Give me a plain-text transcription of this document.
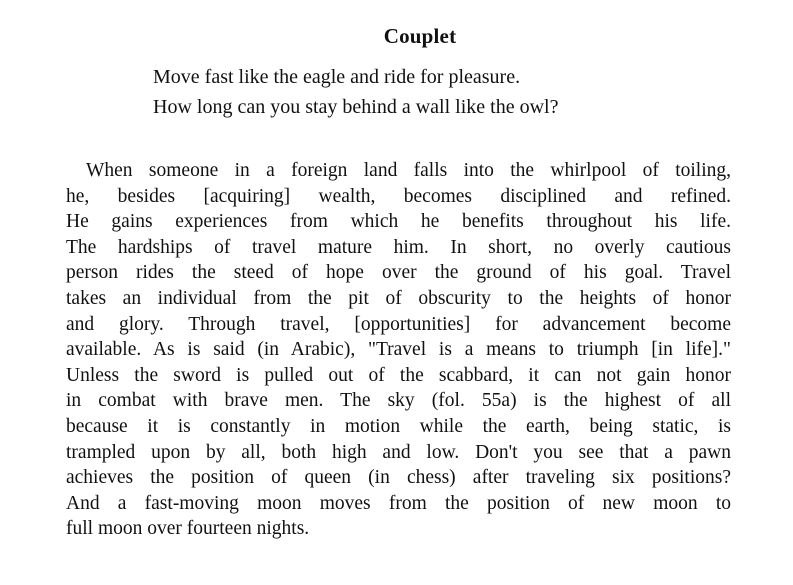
Couplet
Move fast like the eagle and ride for pleasure.
How long can you stay behind a wall like the owl?
When someone in a foreign land falls into the whirlpool of toiling,
he, besides [acquiring] wealth, becomes disciplined and refined.
He gains experiences from which he benefits throughout his life.
The hardships of travel mature him. In short, no overly cautious
person rides the steed of hope over the ground of his goal. Travel
takes an individual from the pit of obscurity to the heights of honor
and glory. Through travel, [opportunities] for advancement become
available. As is said (in Arabic), "Travel is a means to triumph [in life]."
Unless the sword is pulled out of the scabbard, it can not gain honor
in combat with brave men. The sky (fol. 55a) is the highest of all
because it is constantly in motion while the earth, being static, is
trampled upon by all, both high and low. Don't you see that a pawn
achieves the position of queen (in chess) after traveling six positions?
And a fast-moving moon moves from the position of new moon to
full moon over fourteen nights.
